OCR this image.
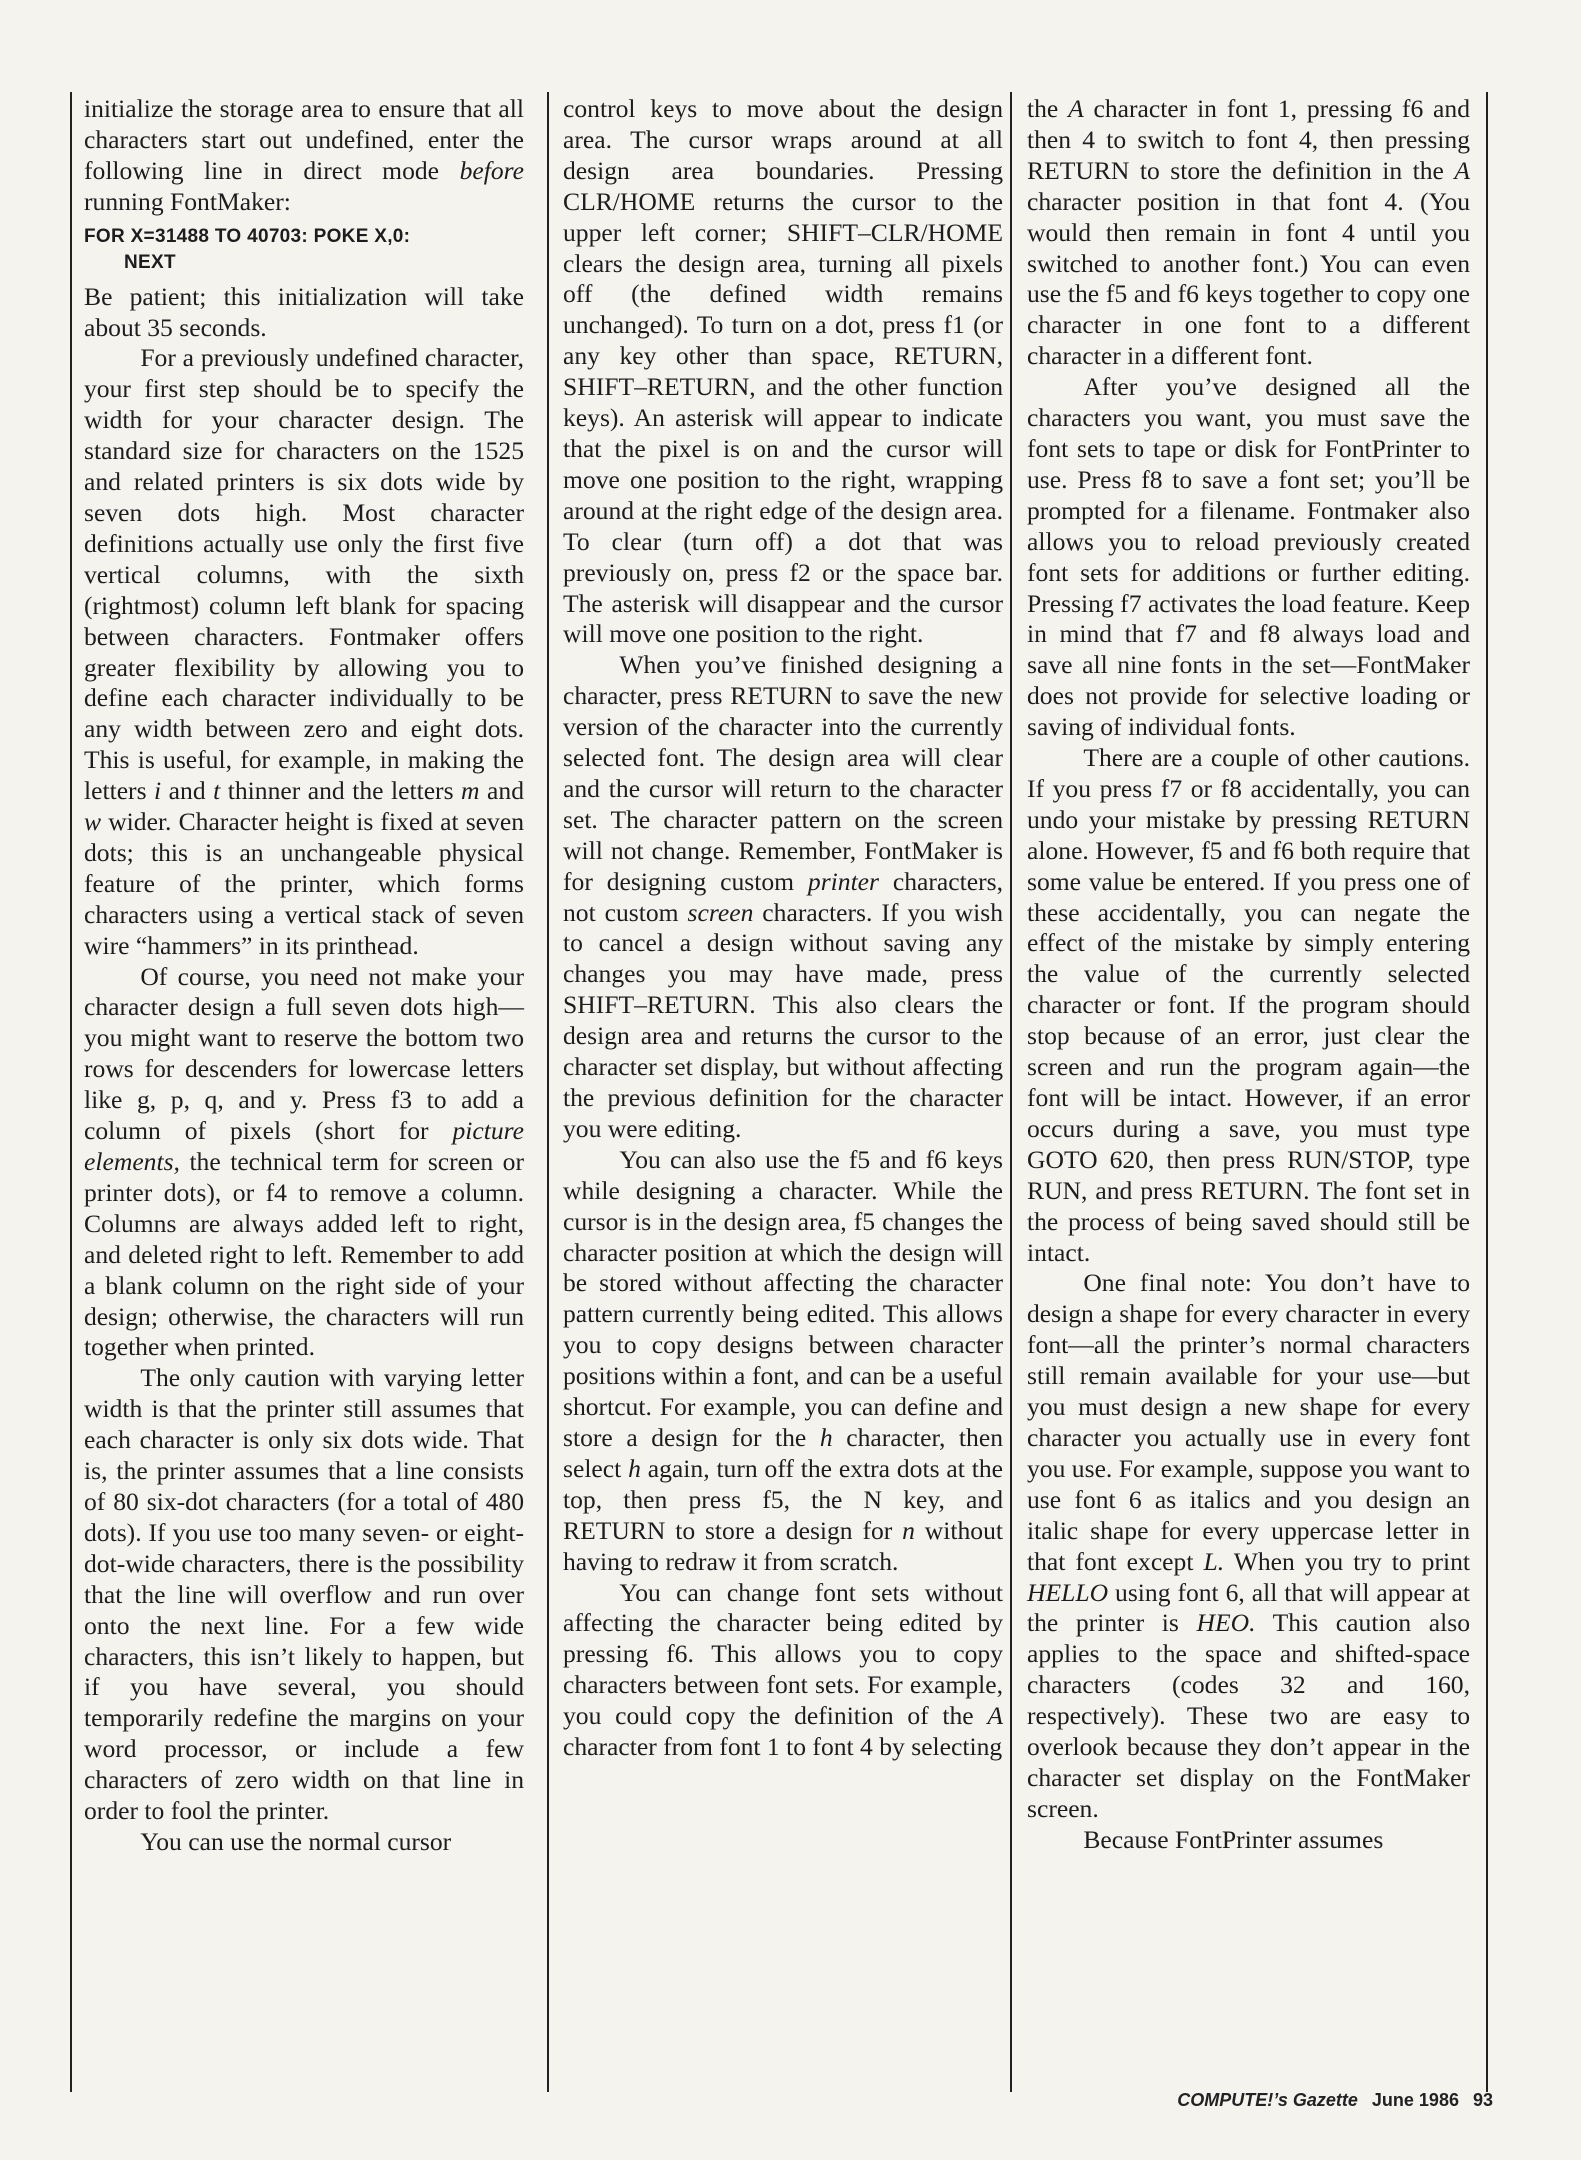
initialize the storage area to ensure that all characters start out undefined, enter the following line in direct mode before running FontMaker:

FOR X=31488 TO 40703: POKE X,0:
NEXT

Be patient; this initialization will take about 35 seconds.

For a previously undefined character, your first step should be to specify the width for your character design. The standard size for characters on the 1525 and related printers is six dots wide by seven dots high. Most character definitions actually use only the first five vertical columns, with the sixth (rightmost) column left blank for spacing between characters. Fontmaker offers greater flexibility by allowing you to define each character individually to be any width between zero and eight dots. This is useful, for example, in making the letters i and t thinner and the letters m and w wider. Character height is fixed at seven dots; this is an unchangeable physical feature of the printer, which forms characters using a vertical stack of seven wire “hammers” in its printhead.

Of course, you need not make your character design a full seven dots high—you might want to reserve the bottom two rows for descenders for lowercase letters like g, p, q, and y. Press f3 to add a column of pixels (short for picture elements, the technical term for screen or printer dots), or f4 to remove a column. Columns are always added left to right, and deleted right to left. Remember to add a blank column on the right side of your design; otherwise, the characters will run together when printed.

The only caution with varying letter width is that the printer still assumes that each character is only six dots wide. That is, the printer assumes that a line consists of 80 six-dot characters (for a total of 480 dots). If you use too many seven- or eight-dot-wide characters, there is the possibility that the line will overflow and run over onto the next line. For a few wide characters, this isn’t likely to happen, but if you have several, you should temporarily redefine the margins on your word processor, or include a few characters of zero width on that line in order to fool the printer.

You can use the normal cursor

control keys to move about the design area. The cursor wraps around at all design area boundaries. Pressing CLR/HOME returns the cursor to the upper left corner; SHIFT–CLR/HOME clears the design area, turning all pixels off (the defined width remains unchanged). To turn on a dot, press f1 (or any key other than space, RETURN, SHIFT–RETURN, and the other function keys). An asterisk will appear to indicate that the pixel is on and the cursor will move one position to the right, wrapping around at the right edge of the design area. To clear (turn off) a dot that was previously on, press f2 or the space bar. The asterisk will disappear and the cursor will move one position to the right.

When you’ve finished designing a character, press RETURN to save the new version of the character into the currently selected font. The design area will clear and the cursor will return to the character set. The character pattern on the screen will not change. Remember, FontMaker is for designing custom printer characters, not custom screen characters. If you wish to cancel a design without saving any changes you may have made, press SHIFT–RETURN. This also clears the design area and returns the cursor to the character set display, but without affecting the previous definition for the character you were editing.

You can also use the f5 and f6 keys while designing a character. While the cursor is in the design area, f5 changes the character position at which the design will be stored without affecting the character pattern currently being edited. This allows you to copy designs between character positions within a font, and can be a useful shortcut. For example, you can define and store a design for the h character, then select h again, turn off the extra dots at the top, then press f5, the N key, and RETURN to store a design for n without having to redraw it from scratch.

You can change font sets without affecting the character being edited by pressing f6. This allows you to copy characters between font sets. For example, you could copy the definition of the A character from font 1 to font 4 by selecting

the A character in font 1, pressing f6 and then 4 to switch to font 4, then pressing RETURN to store the definition in the A character position in that font 4. (You would then remain in font 4 until you switched to another font.) You can even use the f5 and f6 keys together to copy one character in one font to a different character in a different font.

After you’ve designed all the characters you want, you must save the font sets to tape or disk for FontPrinter to use. Press f8 to save a font set; you’ll be prompted for a filename. Fontmaker also allows you to reload previously created font sets for additions or further editing. Pressing f7 activates the load feature. Keep in mind that f7 and f8 always load and save all nine fonts in the set—FontMaker does not provide for selective loading or saving of individual fonts.

There are a couple of other cautions. If you press f7 or f8 accidentally, you can undo your mistake by pressing RETURN alone. However, f5 and f6 both require that some value be entered. If you press one of these accidentally, you can negate the effect of the mistake by simply entering the value of the currently selected character or font. If the program should stop because of an error, just clear the screen and run the program again—the font will be intact. However, if an error occurs during a save, you must type GOTO 620, then press RUN/STOP, type RUN, and press RETURN. The font set in the process of being saved should still be intact.

One final note: You don’t have to design a shape for every character in every font—all the printer’s normal characters still remain available for your use—but you must design a new shape for every character you actually use in every font you use. For example, suppose you want to use font 6 as italics and you design an italic shape for every uppercase letter in that font except L. When you try to print HELLO using font 6, all that will appear at the printer is HEO. This caution also applies to the space and shifted-space characters (codes 32 and 160, respectively). These two are easy to overlook because they don’t appear in the character set display on the FontMaker screen.

Because FontPrinter assumes

COMPUTE!’s Gazette June 1986 93
